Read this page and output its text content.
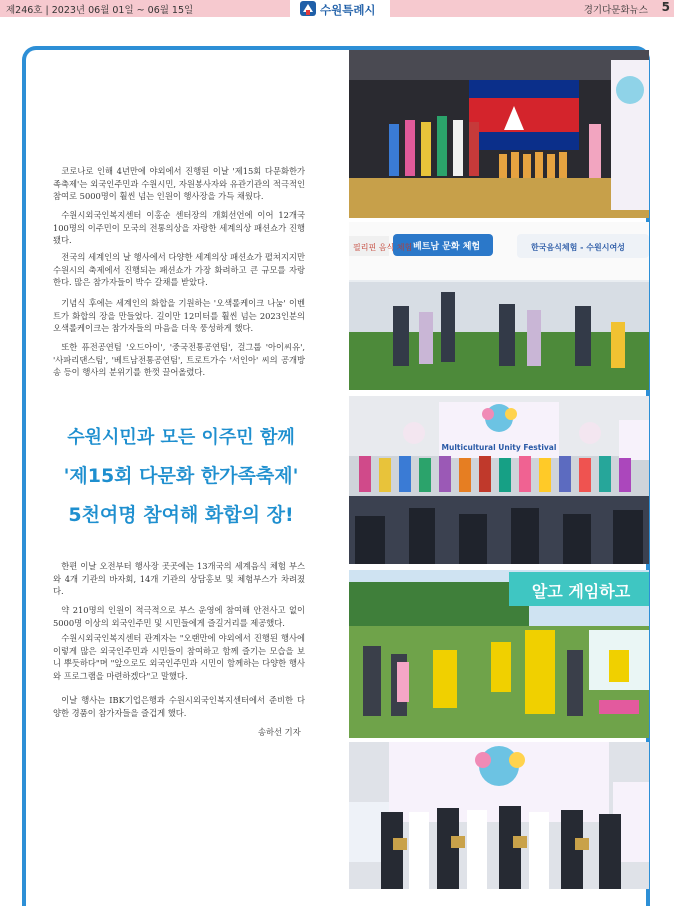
제246호 | 2023년 06월 01일 ~ 06월 15일	수원특례시	경기다문화뉴스 5

코로나로 인해 4년만에 야외에서 진행된 이날 '제15회 다문화한가족축제'는 외국인주민과 수원시민, 자원봉사자와 유관기관의 적극적인 참여로 5000명이 훨씬 넘는 인원이 행사장을 가득 채웠다.

수원시외국인복지센터 이홍순 센터장의 개회선언에 이어 12개국 100명의 이주민이 모국의 전통의상을 자랑한 세계의상 패션쇼가 진행됐다.

전국의 세계인의 날 행사에서 다양한 세계의상 패션쇼가 펼쳐지지만 수원시의 축제에서 진행되는 패션쇼가 가장 화려하고 큰 규모를 자랑한다. 많은 참가자들이 박수 갈채를 받았다.

기념식 후에는 세계인의 화합을 기원하는 '오색롤케이크 나눔' 이벤트가 화합의 장을 만들었다. 길이만 12미터를 훨씬 넘는 2023인분의 오색롤케이크는 참가자들의 마음을 더욱 풍성하게 했다.

또한 퓨전공연팀 '오드아이', '중국전통공연팀', 걸그룹 '아이씨유', '사파리댄스팀', '베트남전통공연팀', 트로트가수 '서인아' 씨의 공개방송 등이 행사의 분위기를 한껏 끌어올렸다.

수원시민과 모든 이주민 함께
'제15회 다문화 한가족축제'
5천여명 참여해 화합의 장!

한편 이날 오전부터 행사장 곳곳에는 13개국의 세계음식 체험 부스와 4개 기관의 바자회, 14개 기관의 상담홍보 및 체험부스가 차려졌다.

약 210명의 인원이 적극적으로 부스 운영에 참여해 안전사고 없이 5000명 이상의 외국인주민 및 시민들에게 즐길거리를 제공했다.

수원시외국인복지센터 관계자는 "오랜만에 야외에서 진행된 행사에 이렇게 많은 외국인주민과 시민들이 참여하고 함께 즐기는 모습을 보니 뿌듯하다"며 "앞으로도 외국인주민과 시민이 함께하는 다양한 행사와 프로그램을 마련하겠다"고 말했다.

이날 행사는 IBK기업은행과 수원시외국인복지센터에서 준비한 다양한 경품이 참가자들을 즐겁게 했다.

송하선 기자
필리핀 음식 체험 베트남 문화 체험	한국음식체험 - 수원시여성
Multicultural Unity Festival
알고 게임하고
